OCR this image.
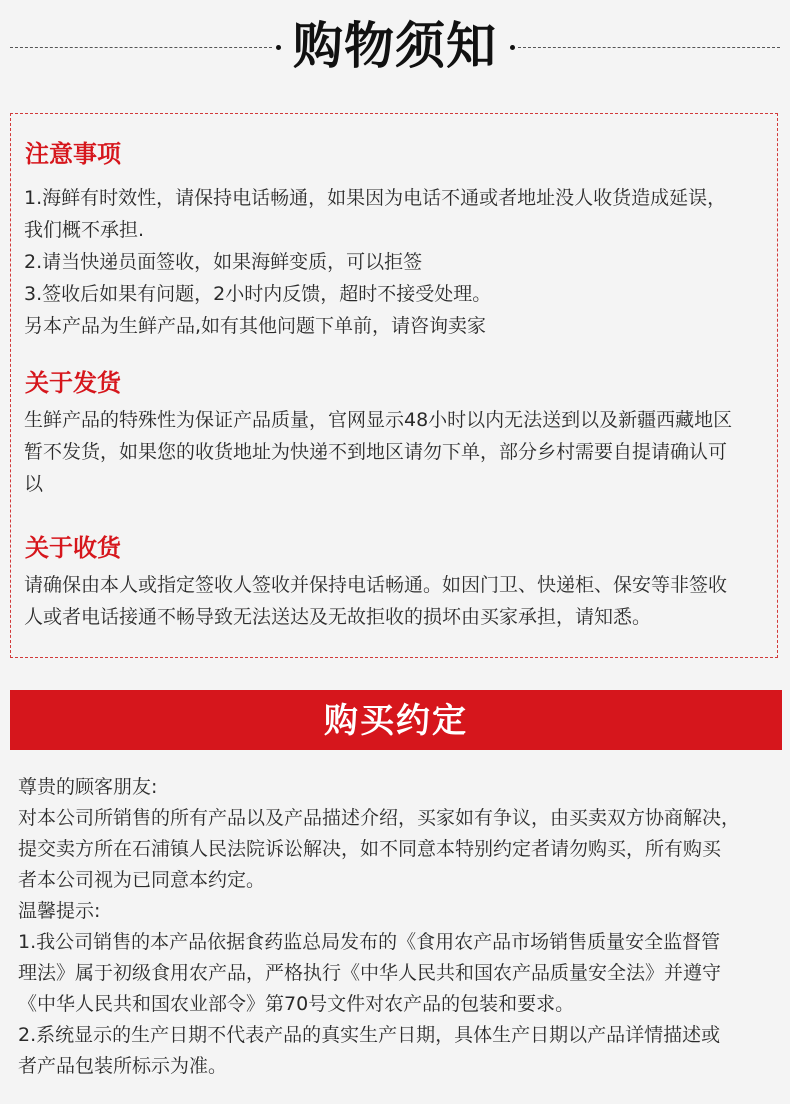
购物须知
注意事项
1.海鲜有时效性，请保持电话畅通，如果因为电话不通或者地址没人收货造成延误，
我们概不承担.
2.请当快递员面签收，如果海鲜变质，可以拒签
3.签收后如果有问题，2小时内反馈，超时不接受处理。
另本产品为生鲜产品,如有其他问题下单前，请咨询卖家
关于发货
生鲜产品的特殊性为保证产品质量，官网显示48小时以内无法送到以及新疆西藏地区
暂不发货，如果您的收货地址为快递不到地区请勿下单，部分乡村需要自提请确认可
以
关于收货
请确保由本人或指定签收人签收并保持电话畅通。如因门卫、快递柜、保安等非签收
人或者电话接通不畅导致无法送达及无故拒收的损坏由买家承担，请知悉。
购买约定
尊贵的顾客朋友:
对本公司所销售的所有产品以及产品描述介绍，买家如有争议，由买卖双方协商解决，
提交卖方所在石浦镇人民法院诉讼解决，如不同意本特别约定者请勿购买，所有购买
者本公司视为已同意本约定。
温馨提示:
1.我公司销售的本产品依据食药监总局发布的《食用农产品市场销售质量安全监督管
理法》属于初级食用农产品，严格执行《中华人民共和国农产品质量安全法》并遵守
《中华人民共和国农业部令》第70号文件对农产品的包装和要求。
2.系统显示的生产日期不代表产品的真实生产日期，具体生产日期以产品详情描述或
者产品包装所标示为准。
